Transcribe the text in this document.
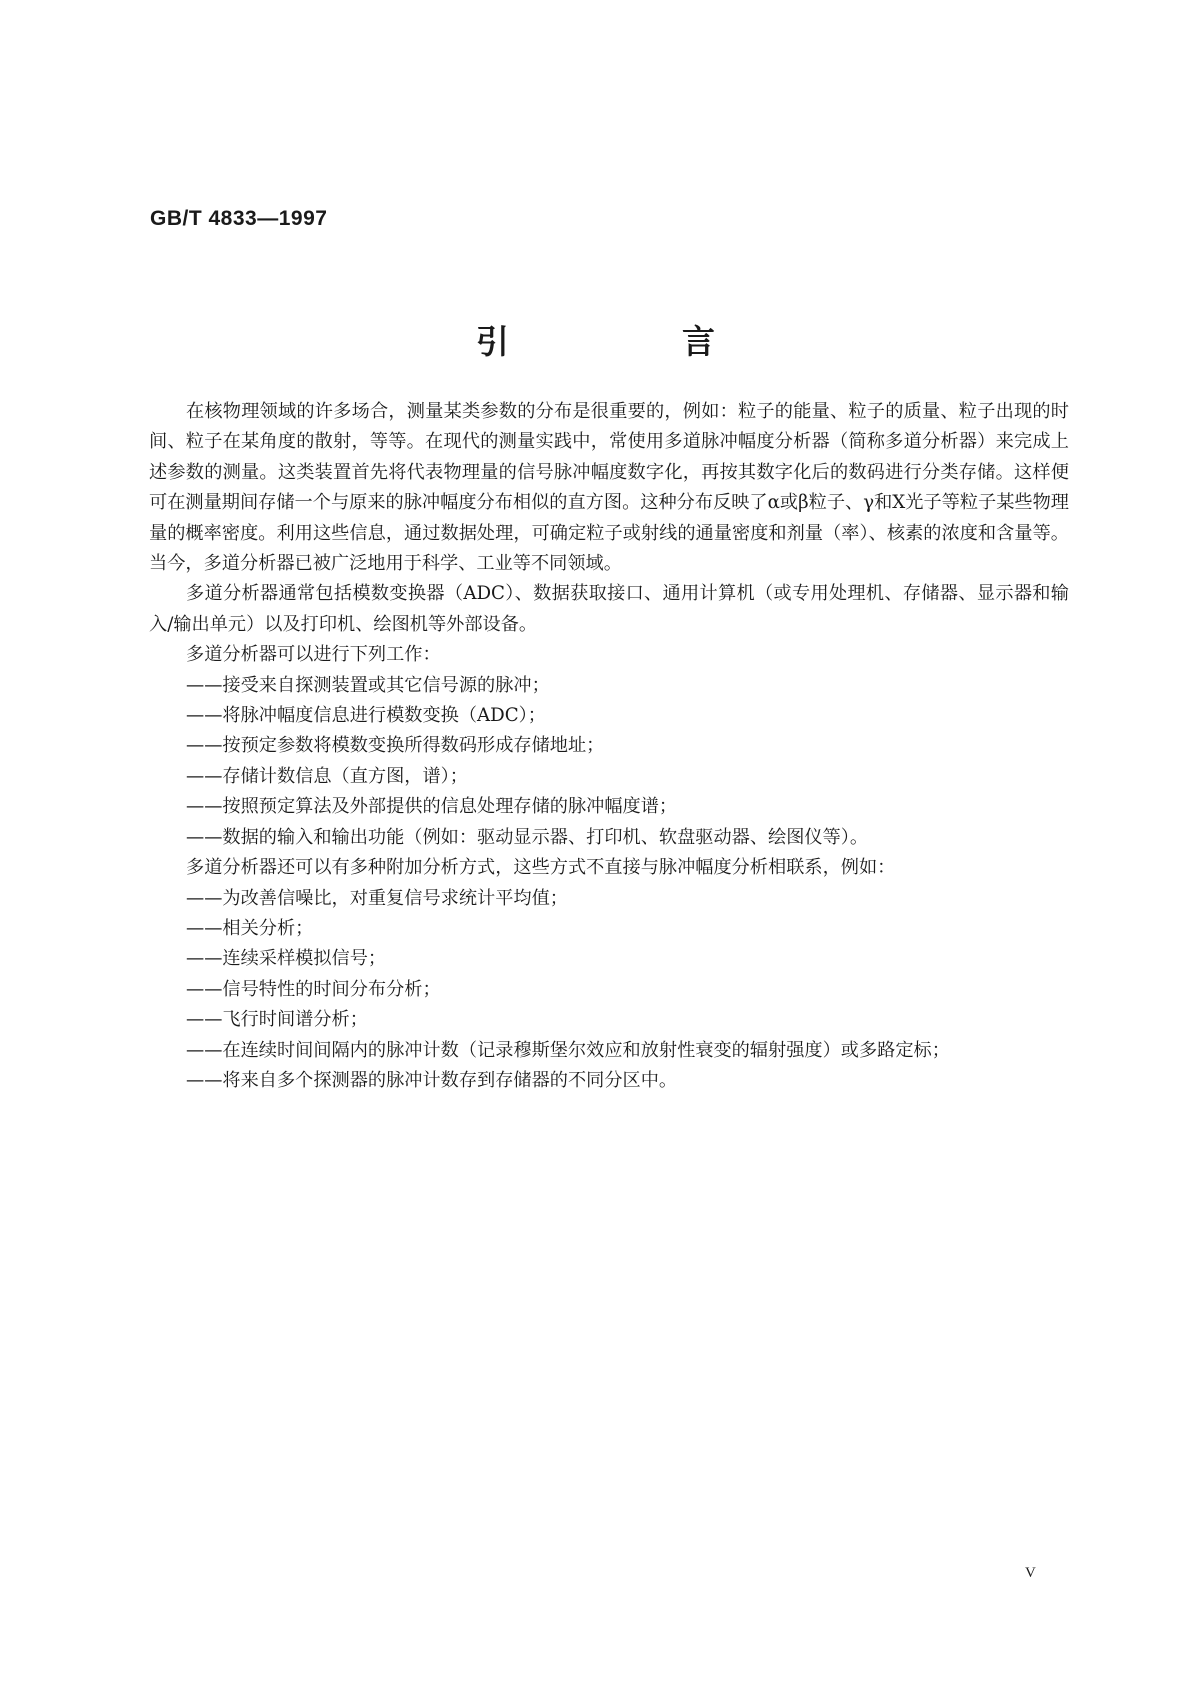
GB/T 4833—1997
引　言

在核物理领域的许多场合，测量某类参数的分布是很重要的，例如：粒子的能量、粒子的质量、粒子出现的时间、粒子在某角度的散射，等等。在现代的测量实践中，常使用多道脉冲幅度分析器（简称多道分析器）来完成上述参数的测量。这类装置首先将代表物理量的信号脉冲幅度数字化，再按其数字化后的数码进行分类存储。这样便可在测量期间存储一个与原来的脉冲幅度分布相似的直方图。这种分布反映了α或β粒子、γ和X光子等粒子某些物理量的概率密度。利用这些信息，通过数据处理，可确定粒子或射线的通量密度和剂量（率）、核素的浓度和含量等。当今，多道分析器已被广泛地用于科学、工业等不同领域。

多道分析器通常包括模数变换器（ADC）、数据获取接口、通用计算机（或专用处理机、存储器、显示器和输入/输出单元）以及打印机、绘图机等外部设备。

多道分析器可以进行下列工作：

——接受来自探测装置或其它信号源的脉冲；

——将脉冲幅度信息进行模数变换（ADC）；

——按预定参数将模数变换所得数码形成存储地址；

——存储计数信息（直方图，谱）；

——按照预定算法及外部提供的信息处理存储的脉冲幅度谱；

——数据的输入和输出功能（例如：驱动显示器、打印机、软盘驱动器、绘图仪等）。

多道分析器还可以有多种附加分析方式，这些方式不直接与脉冲幅度分析相联系，例如：

——为改善信噪比，对重复信号求统计平均值；

——相关分析；

——连续采样模拟信号；

——信号特性的时间分布分析；

——飞行时间谱分析；

——在连续时间间隔内的脉冲计数（记录穆斯堡尔效应和放射性衰变的辐射强度）或多路定标；

——将来自多个探测器的脉冲计数存到存储器的不同分区中。

V
